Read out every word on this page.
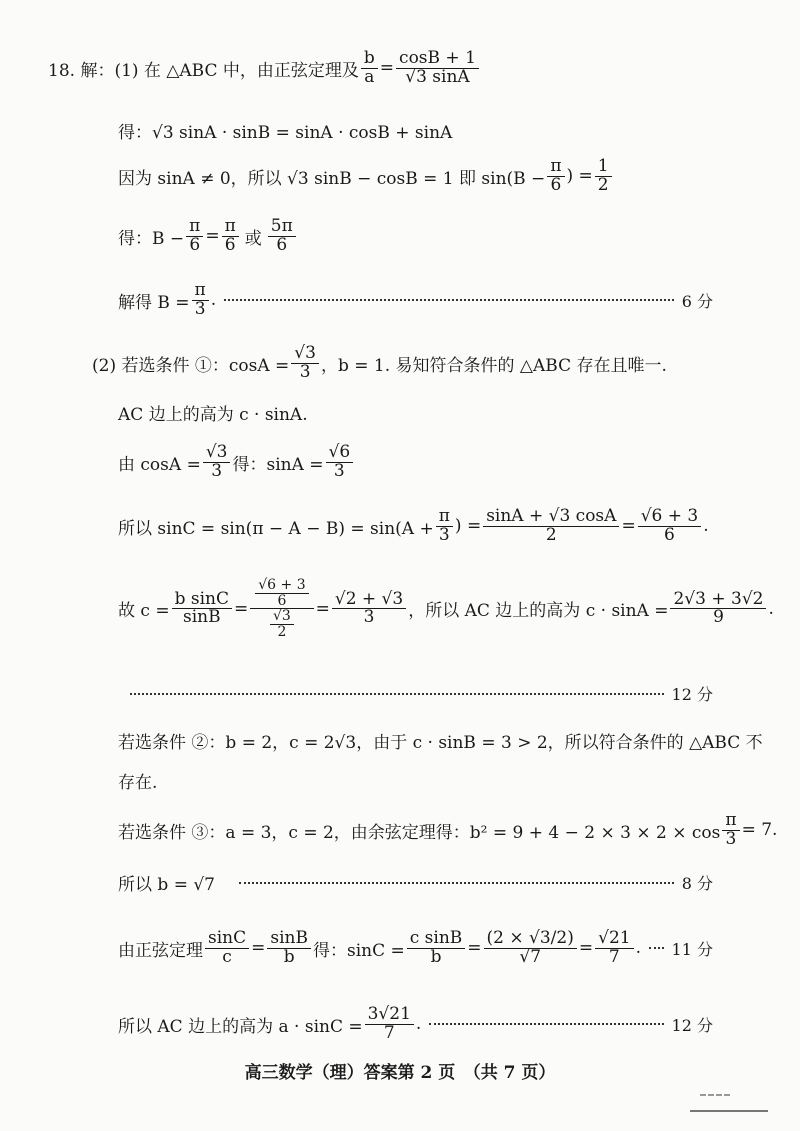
18. 解：(1) 在 △ABC 中，由正弦定理及 $\frac{b}{a} = \frac{\cos B + 1}{√3 \sin A}$
得：√3 sinA · sinB = sinA · cosB + sinA
因为 sinA ≠ 0，所以 √3 sinB − cosB = 1 即 $\sin(B - \frac{\pi}{6}$ ) = $\frac{1}{2}$
得：$B - \frac{\pi}{6} = \frac{\pi}{6}$ 或 $\frac{5\pi}{6}$
解得 $B = \frac{\pi}{3}$ .	6 分
(2) 若选条件 ①：$\cos A = \frac{√3}{3}$ ，b = 1. 易知符合条件的 △ABC 存在且唯一.
AC 边上的高为 c · sinA.
由 $\cos A = \frac{√3}{3}$ 得：$\sin A = \frac{√6}{3}$
所以 $\sin C = \sin(\pi - A - B) = \sin(A + \frac{\pi}{3}$ ) = $\frac{\sin A + √3 \cos A}{2} = \frac{√6 + 3}{6}$ .
故 $c = \frac{\text{b sinC}}{\sin B} = \frac{\frac{√6 + 3}{6}}{\frac{√3}{2}} = \frac{√2 + √3}{3}$ ，所以 AC 边上的高为 $c \cdot \sin A = \frac{2√3 + 3√2}{9}$ .
12 分
若选条件 ②：b = 2，c = 2√3，由于 c · sinB = 3 > 2，所以符合条件的 △ABC 不
存在.
若选条件 ③：a = 3，c = 2，由余弦定理得：$b^2 = 9 + 4 - 2 \times 3 \times 2 \times \cos \frac{\pi}{3} = 7$.
所以 b = √7	8 分
由正弦定理 $\frac{\sin C}{c} = \frac{\sin B}{b}$ 得：$\sin C = \frac{\text{c sinB}}{b} = \frac{(2 \times √3/2)}{√7} = \frac{√21}{7}$ . 11 分
所以 AC 边上的高为 $a \cdot \sin C = \frac{3√21}{7}$ .	12 分
高三数学（理）答案第 2 页　（共 7 页）
